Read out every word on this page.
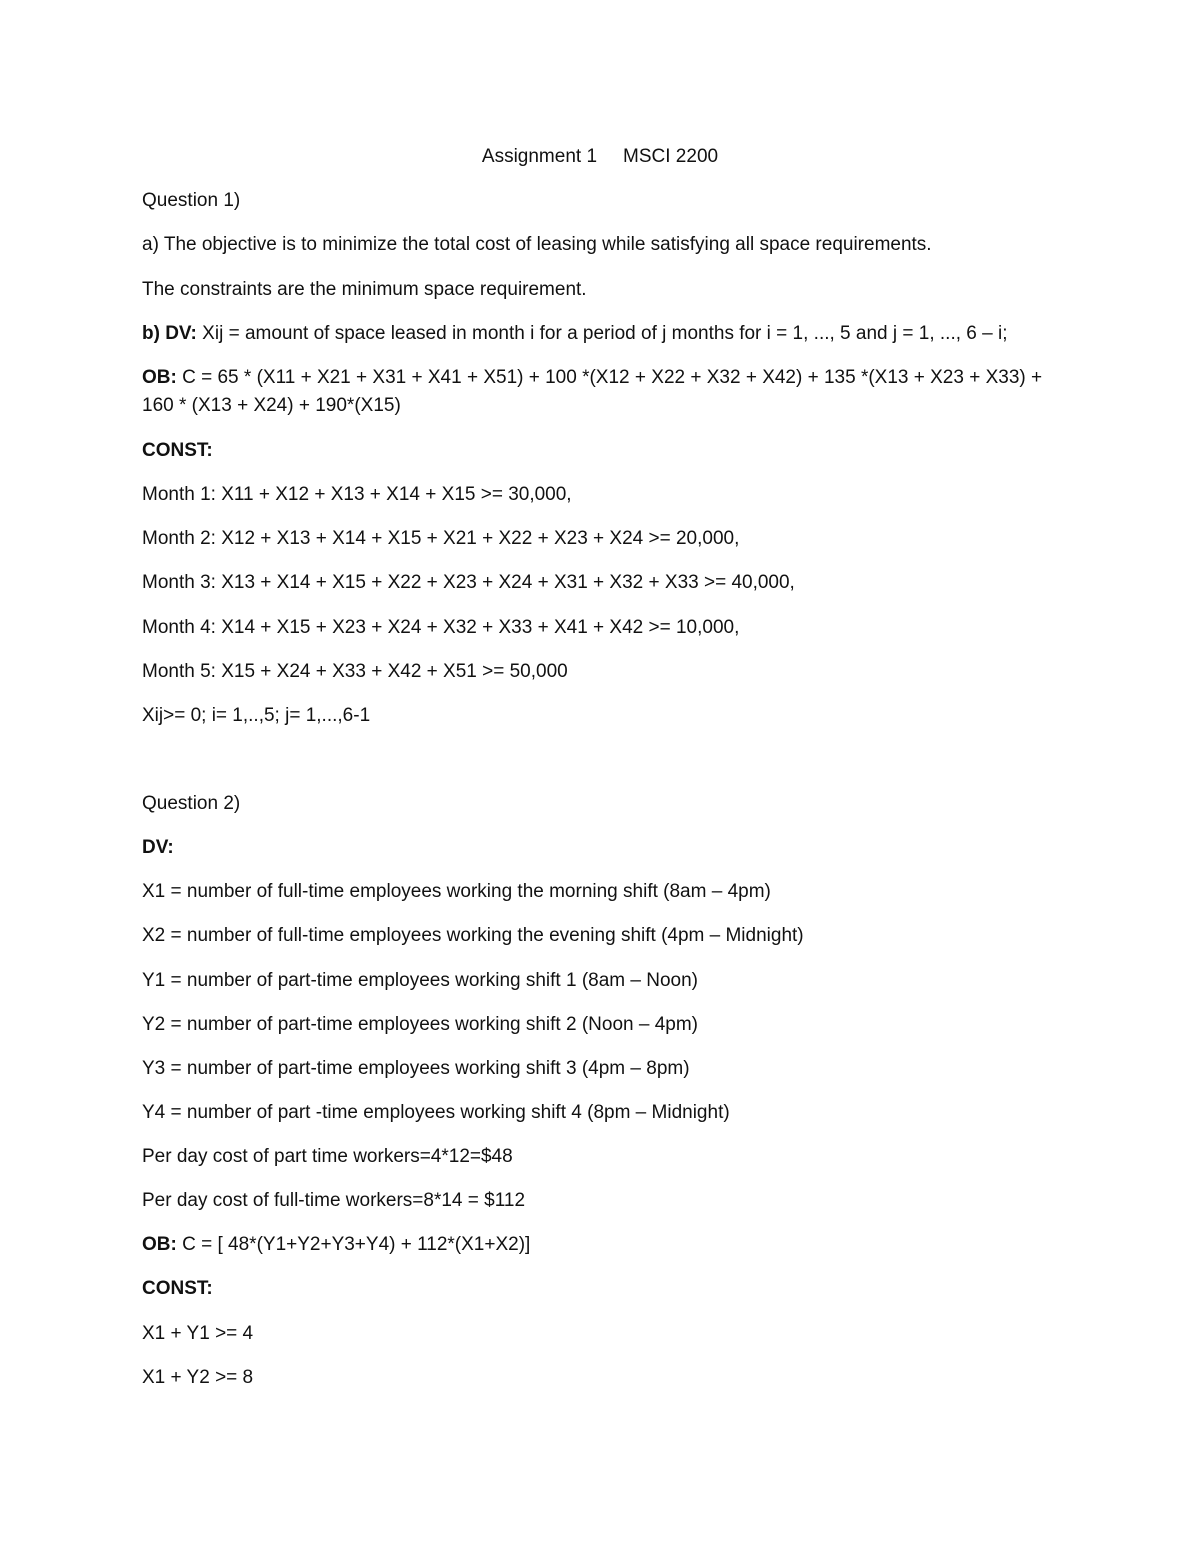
Assignment 1 MSCI 2200
Question 1)
a) The objective is to minimize the total cost of leasing while satisfying all space requirements.
The constraints are the minimum space requirement.
b) DV: Xij = amount of space leased in month i for a period of j months for i = 1, ..., 5 and j = 1, ..., 6 – i;
OB: C = 65 * (X11 + X21 + X31 + X41 + X51) + 100 *(X12 + X22 + X32 + X42) + 135 *(X13 + X23 + X33) +
160 * (X13 + X24) + 190*(X15)
CONST:
Month 1: X11 + X12 + X13 + X14 + X15 >= 30,000,
Month 2: X12 + X13 + X14 + X15 + X21 + X22 + X23 + X24 >= 20,000,
Month 3: X13 + X14 + X15 + X22 + X23 + X24 + X31 + X32 + X33 >= 40,000,
Month 4: X14 + X15 + X23 + X24 + X32 + X33 + X41 + X42 >= 10,000,
Month 5: X15 + X24 + X33 + X42 + X51 >= 50,000
Xij>= 0; i= 1,..,5; j= 1,...,6-1
Question 2)
DV:
X1 = number of full-time employees working the morning shift (8am – 4pm)
X2 = number of full-time employees working the evening shift (4pm – Midnight)
Y1 = number of part-time employees working shift 1 (8am – Noon)
Y2 = number of part-time employees working shift 2 (Noon – 4pm)
Y3 = number of part-time employees working shift 3 (4pm – 8pm)
Y4 = number of part -time employees working shift 4 (8pm – Midnight)
Per day cost of part time workers=4*12=$48
Per day cost of full-time workers=8*14 = $112
OB: C = [ 48*(Y1+Y2+Y3+Y4) + 112*(X1+X2)]
CONST:
X1 + Y1 >= 4
X1 + Y2 >= 8
